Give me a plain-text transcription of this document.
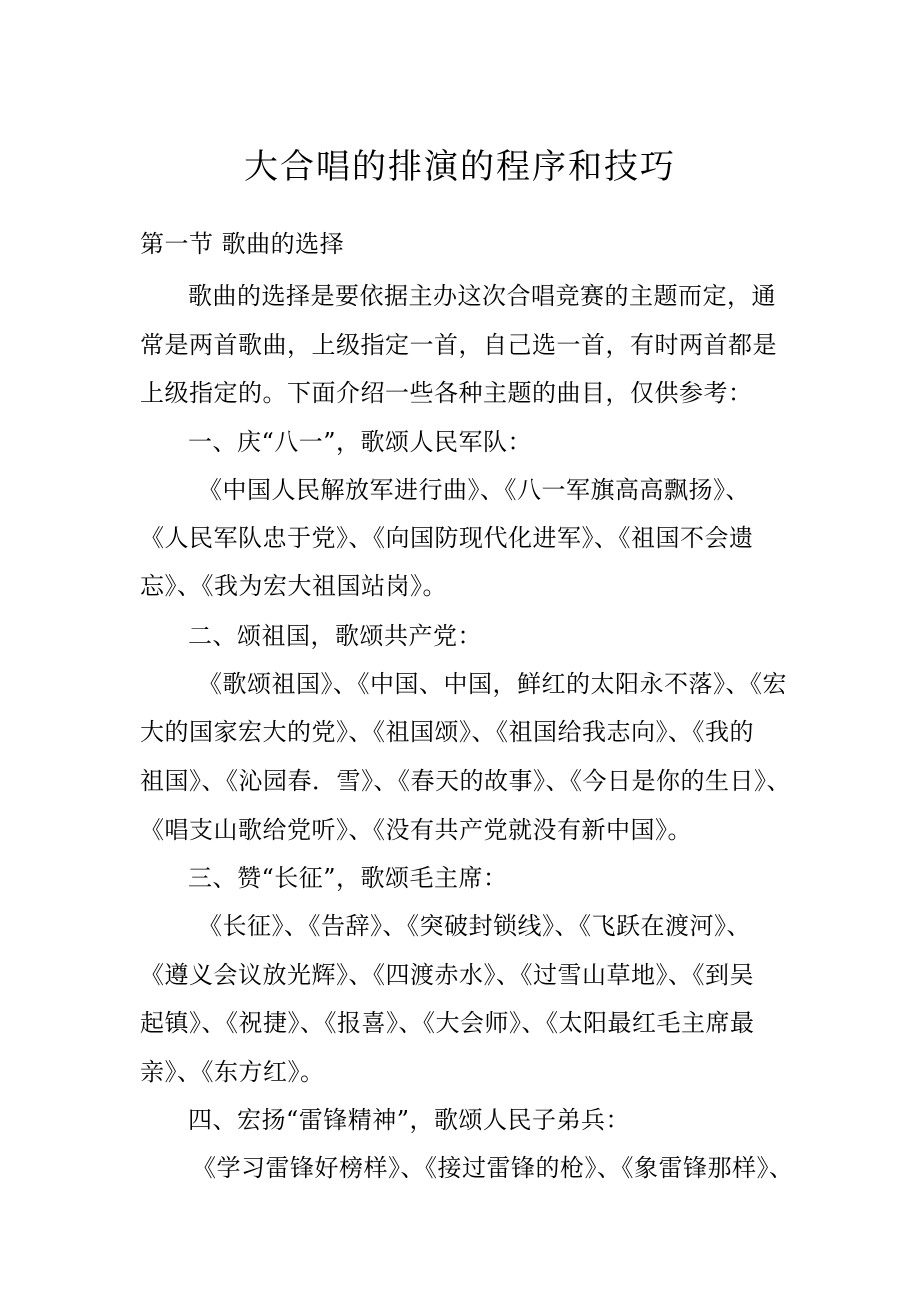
大合唱的排演的程序和技巧
第一节 歌曲的选择
歌曲的选择是要依据主办这次合唱竞赛的主题而定，通
常是两首歌曲，上级指定一首，自己选一首，有时两首都是
上级指定的。下面介绍一些各种主题的曲目，仅供参考：
一、庆“八一”，歌颂人民军队：
《中国人民解放军进行曲》、《八一军旗高高飘扬》、
《人民军队忠于党》、《向国防现代化进军》、《祖国不会遗
忘》、《我为宏大祖国站岗》。
二、颂祖国，歌颂共产党：
《歌颂祖国》、《中国、中国，鲜红的太阳永不落》、《宏
大的国家宏大的党》、《祖国颂》、《祖国给我志向》、《我的
祖国》、《沁园春．雪》、《春天的故事》、《今日是你的生日》、
《唱支山歌给党听》、《没有共产党就没有新中国》。
三、赞“长征”，歌颂毛主席：
《长征》、《告辞》、《突破封锁线》、《飞跃在渡河》、
《遵义会议放光辉》、《四渡赤水》、《过雪山草地》、《到吴
起镇》、《祝捷》、《报喜》、《大会师》、《太阳最红毛主席最
亲》、《东方红》。
四、宏扬“雷锋精神”，歌颂人民子弟兵：
《学习雷锋好榜样》、《接过雷锋的枪》、《象雷锋那样》、
